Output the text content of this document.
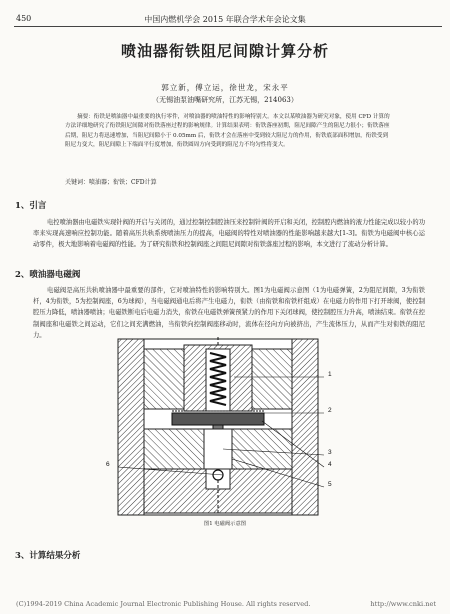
450	中国内燃机学会 2015 年联合学术年会论文集
喷油器衔铁阻尼间隙计算分析
郭立新，傅立运，徐世龙，宋永平
（无锡油泵油嘴研究所，江苏无锡，214063）

摘要：衔铁是喷油器中最重要的执行零件，对喷油器的喷油特性的影响特别大。本文以某喷油器为研究对象，使用 CFD 计算的方法详细地研究了衔铁阻尼间隙对衔铁落座过程的影响规律。计算结果表明：衔铁落座初期，阻尼间隙产生的阻尼力很小；衔铁落座后期，阻尼力将迅速增加，当阻尼间隙小于 0.05mm 后，衔铁才会在落座中受到较大阻尼力的作用，衔铁底部面积增加，衔铁受到阻尼力变大，阻尼间隙上下端面平行度增加，衔铁圆周方向受到的阻尼力不均匀性将变大。

关键词：喷油器；衔铁；CFD计算
1、引言
电控喷油器由电磁铁实现针阀的开启与关闭的，通过控制控制腔油压来控制针阀的开启和关闭，控制腔内燃油的液力性能完成以较小的功率来实现高速响应控制功能。随着高压共轨系统喷油压力的提高，电磁阀的特性对喷油器的性能影响越来越大[1-3]。衔铁为电磁阀中核心运动零件，极大地影响着电磁阀的性能。为了研究衔铁和控制阀座之间阻尼间隙对衔铁落座过程的影响，本文进行了流动分析计算。
2、喷油器电磁阀
电磁阀是高压共轨喷油器中最重要的部件，它对喷油特性的影响特别大。图1为电磁阀示意图（1为电磁弹簧，2为阻尼间隙，3为衔铁杆，4为衔铁，5为控制阀座，6为球阀），当电磁阀通电后将产生电磁力，衔铁（由衔铁和衔铁杆组成）在电磁力的作用下打开球阀，使控制腔压力降低，喷油器喷油；电磁铁断电后电磁力消失，衔铁在电磁铁弹簧预紧力的作用下关闭球阀，使控制腔压力升高，喷油结束。衔铁在控制阀座和电磁铁之间运动，它们之间充满燃油，当衔铁向控制阀座移动时，流体在径向方向被挤出，产生流体压力，从而产生对衔铁的阻尼力。
1
2
3
4
5
6
图1 电磁阀示意图
3、计算结果分析
(C)1994-2019 China Academic Journal Electronic Publishing House. All rights reserved.	http://www.cnki.net
